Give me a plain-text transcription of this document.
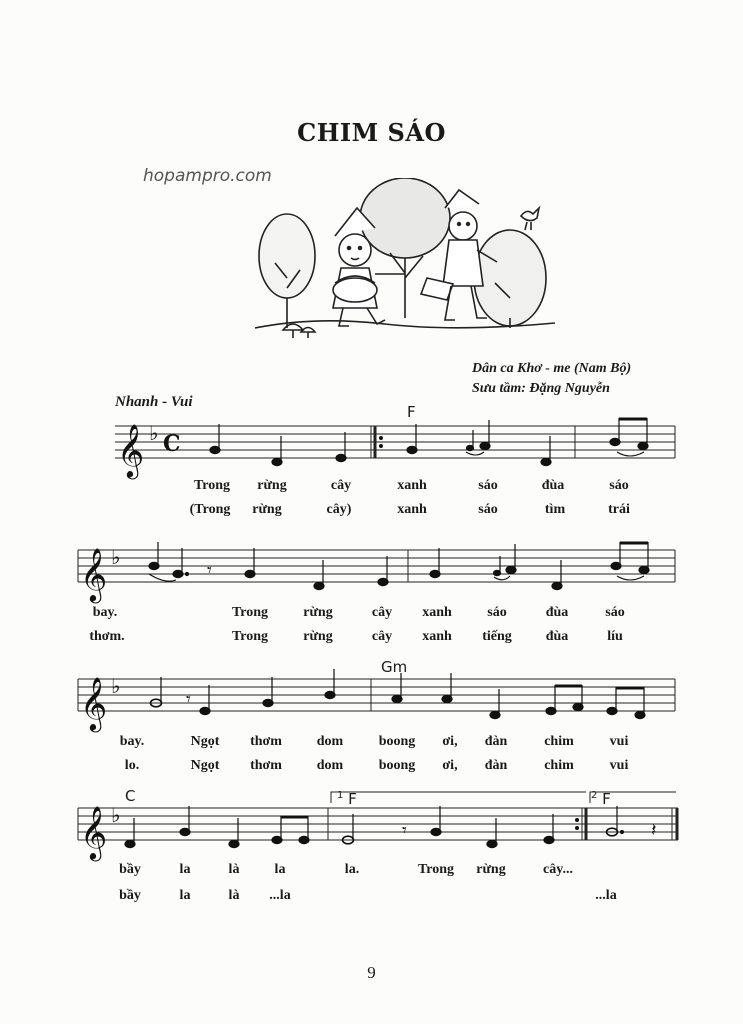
CHIM SÁO
hopampro.com
Dân ca Khơ - me (Nam Bộ)
Sưu tầm: Đặng Nguyễn
Nhanh - Vui
F
Gm
C	$^1$ F	$^2$ F
𝄞
𝄞
𝄞
𝄞
♭
♭
♭
♭
C
𝄾
𝄾
𝄾	𝄽
Trong rừng	cây	xanh	sáo	đùa	sáo
(Trong rừng	cây)	xanh	sáo	tìm	trái
bay.	Trong	rừng	cây xanh	sáo	đùa	sáo
thơm.	Trong	rừng	cây xanh tiếng đùa	líu
bay.	Ngọt thơm dom	boong ơi, đàn	chim	vui
lo.	Ngọt thơm dom	boong ơi, đàn	chim	vui
bầy	la	là	la	la.	Trong rừng	cây...
bầy	la	là ...la	...la
9
